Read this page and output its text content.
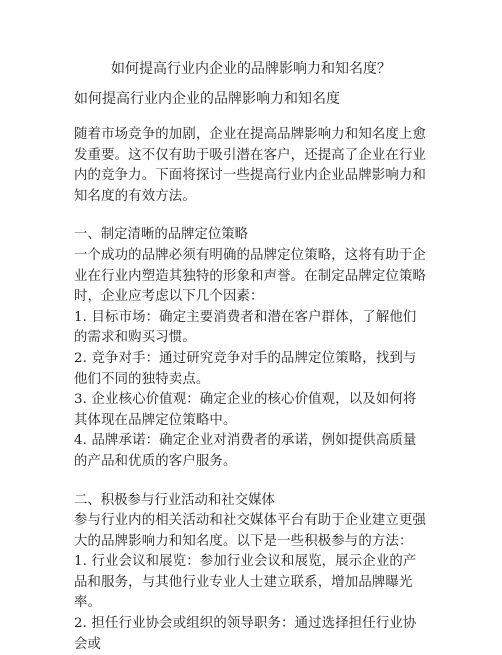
如何提高行业内企业的品牌影响力和知名度？

如何提高行业内企业的品牌影响力和知名度

随着市场竞争的加剧，企业在提高品牌影响力和知名度上愈发重要。这不仅有助于吸引潜在客户，还提高了企业在行业内的竞争力。下面将探讨一些提高行业内企业品牌影响力和知名度的有效方法。

一、制定清晰的品牌定位策略

一个成功的品牌必须有明确的品牌定位策略，这将有助于企业在行业内塑造其独特的形象和声誉。在制定品牌定位策略时，企业应考虑以下几个因素：

1. 目标市场：确定主要消费者和潜在客户群体，了解他们的需求和购买习惯。

2. 竞争对手：通过研究竞争对手的品牌定位策略，找到与他们不同的独特卖点。

3. 企业核心价值观：确定企业的核心价值观，以及如何将其体现在品牌定位策略中。

4. 品牌承诺：确定企业对消费者的承诺，例如提供高质量的产品和优质的客户服务。

二、积极参与行业活动和社交媒体

参与行业内的相关活动和社交媒体平台有助于企业建立更强大的品牌影响力和知名度。以下是一些积极参与的方法：

1. 行业会议和展览：参加行业会议和展览，展示企业的产品和服务，与其他行业专业人士建立联系，增加品牌曝光率。

2. 担任行业协会或组织的领导职务：通过选择担任行业协会或
